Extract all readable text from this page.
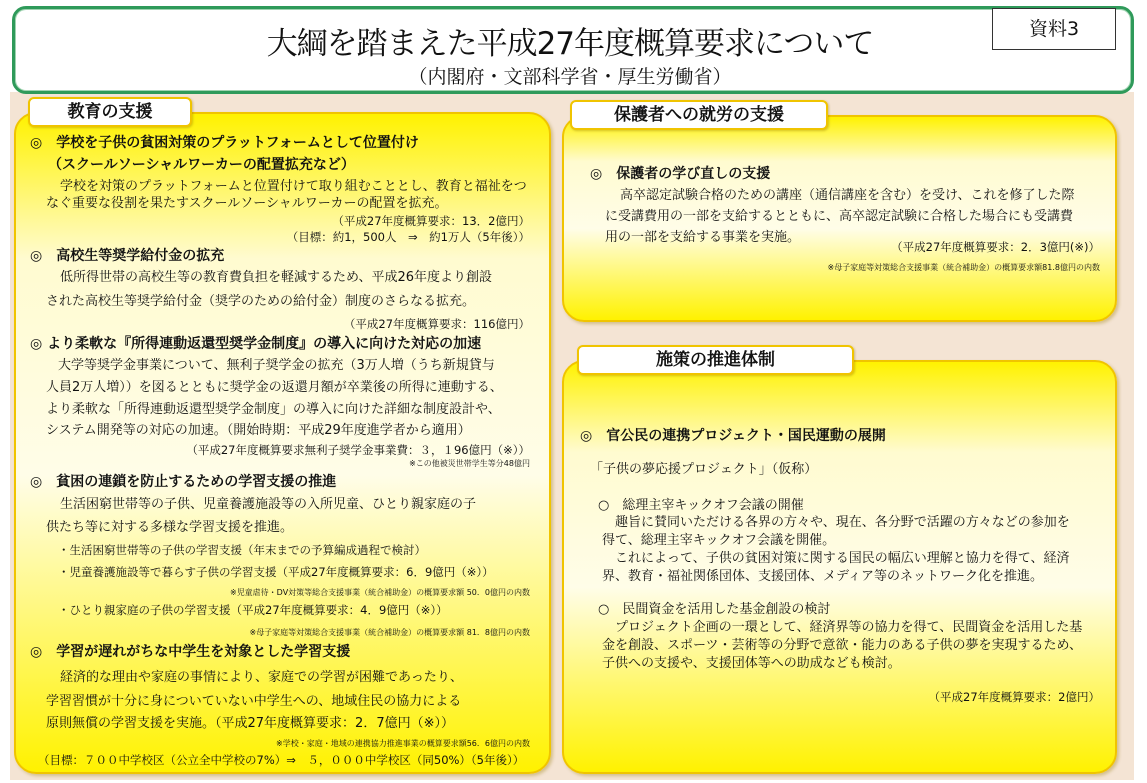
大綱を踏まえた平成27年度概算要求について
（内閣府・文部科学省・厚生労働省）
資料3
教育の支援
◎　学校を子供の貧困対策のプラットフォームとして位置付け
（スクールソーシャルワーカーの配置拡充など）
学校を対策のプラットフォームと位置付けて取り組むこととし、教育と福祉をつ
なぐ重要な役割を果たすスクールソーシャルワーカーの配置を拡充。
（平成27年度概算要求：13．2億円）
（目標：約1，500人　⇒　約1万人（5年後））
◎　高校生等奨学給付金の拡充
低所得世帯の高校生等の教育費負担を軽減するため、平成26年度より創設
された高校生等奨学給付金（奨学のための給付金）制度のさらなる拡充。
（平成27年度概算要求：116億円）
◎ より柔軟な『所得連動返還型奨学金制度』の導入に向けた対応の加速
大学等奨学金事業について、無利子奨学金の拡充（3万人増（うち新規貸与
人員2万人増））を図るとともに奨学金の返還月額が卒業後の所得に連動する、
より柔軟な「所得連動返還型奨学金制度」の導入に向けた詳細な制度設計や、
システム開発等の対応の加速。（開始時期：平成29年度進学者から適用）
（平成27年度概算要求無利子奨学金事業費：３，１96億円（※））
※この他被災世帯学生等分48億円
◎　貧困の連鎖を防止するための学習支援の推進
生活困窮世帯等の子供、児童養護施設等の入所児童、ひとり親家庭の子
供たち等に対する多様な学習支援を推進。
・生活困窮世帯等の子供の学習支援（年末までの予算編成過程で検討）
・児童養護施設等で暮らす子供の学習支援（平成27年度概算要求：6．9億円（※））
※児童虐待・DV対策等総合支援事業（統合補助金）の概算要求額 50．0億円の内数
・ひとり親家庭の子供の学習支援（平成27年度概算要求：4．9億円（※））
※母子家庭等対策総合支援事業（統合補助金）の概算要求額 81．8億円の内数
◎　学習が遅れがちな中学生を対象とした学習支援
経済的な理由や家庭の事情により、家庭での学習が困難であったり、
学習習慣が十分に身についていない中学生への、地域住民の協力による
原則無償の学習支援を実施。（平成27年度概算要求：2．7億円（※））
※学校・家庭・地域の連携協力推進事業の概算要求額56．6億円の内数
（目標：７００中学校区（公立全中学校の7%）⇒　５，０００中学校区（同50%）（5年後））
保護者への就労の支援
◎　保護者の学び直しの支援
高卒認定試験合格のための講座（通信講座を含む）を受け、これを修了した際
に受講費用の一部を支給するとともに、高卒認定試験に合格した場合にも受講費
用の一部を支給する事業を実施。
（平成27年度概算要求：2．3億円(※)）
※母子家庭等対策総合支援事業（統合補助金）の概算要求額81.8億円の内数
施策の推進体制
◎　官公民の連携プロジェクト・国民運動の展開
「子供の夢応援プロジェクト」（仮称）
○　総理主宰キックオフ会議の開催
趣旨に賛同いただける各界の方々や、現在、各分野で活躍の方々などの参加を
得て、総理主宰キックオフ会議を開催。
これによって、子供の貧困対策に関する国民の幅広い理解と協力を得て、経済
界、教育・福祉関係団体、支援団体、メディア等のネットワーク化を推進。
○　民間資金を活用した基金創設の検討
プロジェクト企画の一環として、経済界等の協力を得て、民間資金を活用した基
金を創設、スポーツ・芸術等の分野で意欲・能力のある子供の夢を実現するため、
子供への支援や、支援団体等への助成なども検討。
（平成27年度概算要求：2億円）
